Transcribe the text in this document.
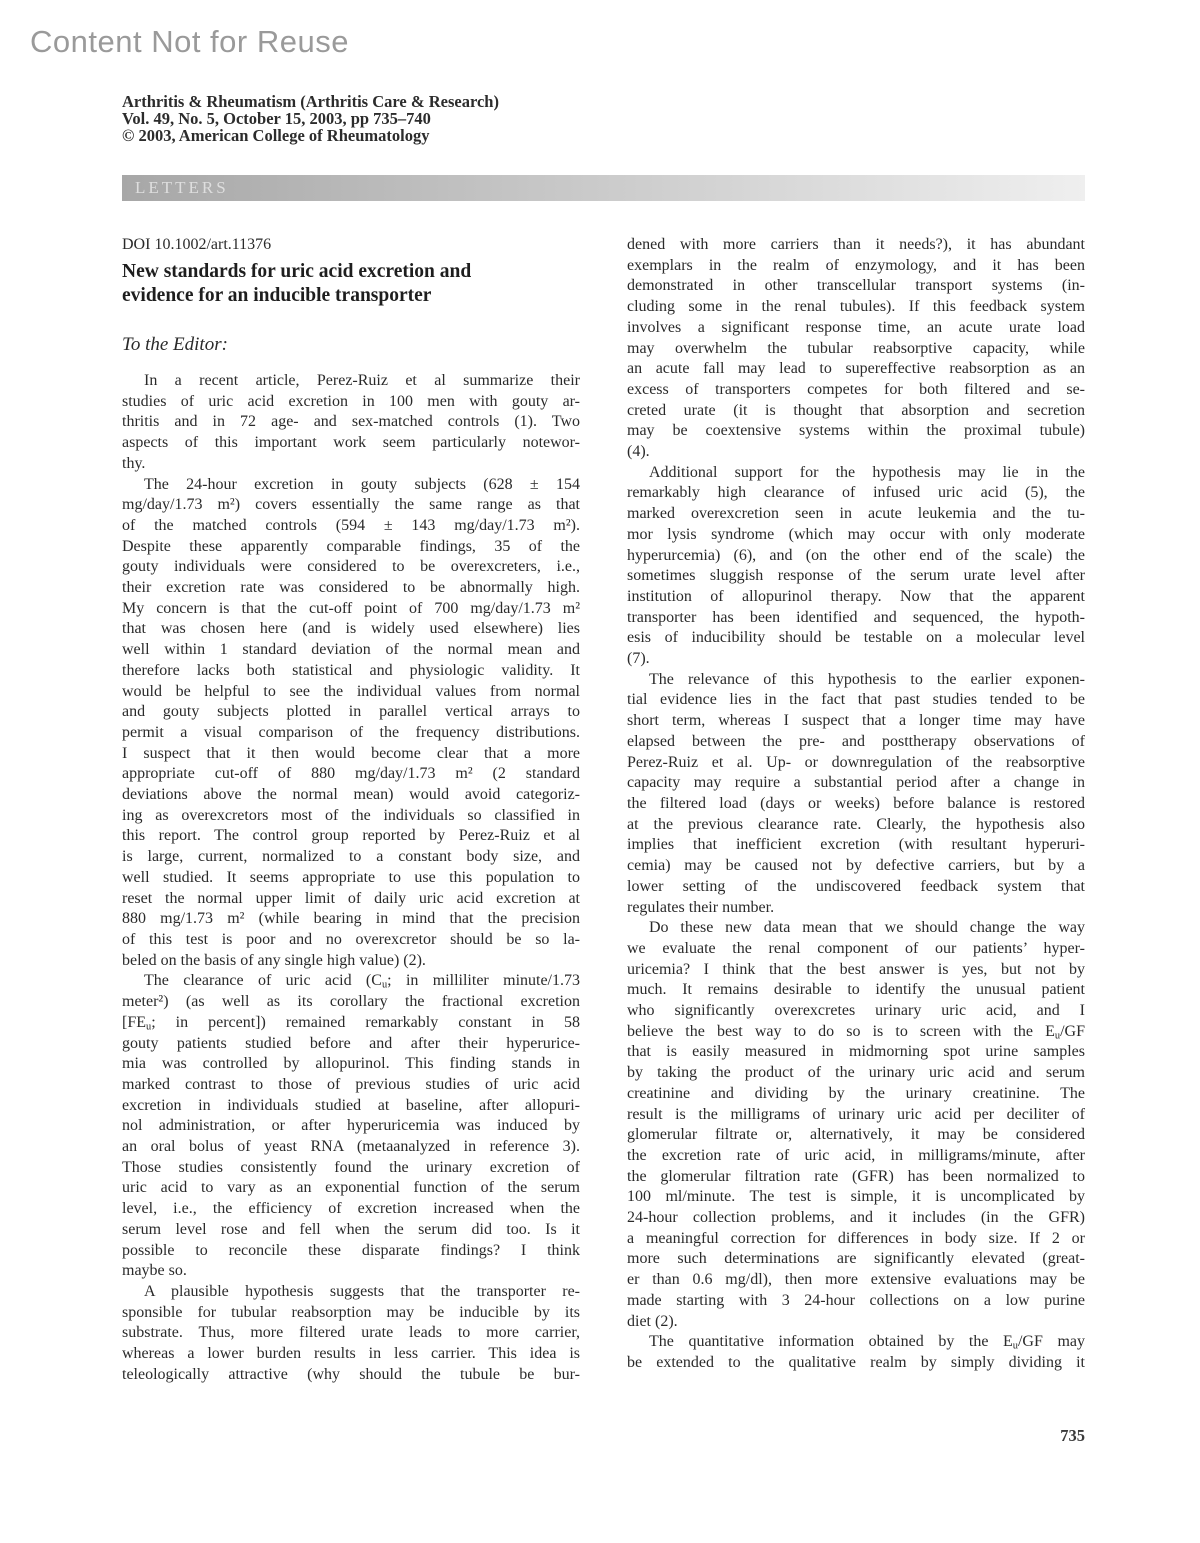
Content Not for Reuse
Arthritis & Rheumatism (Arthritis Care & Research)
Vol. 49, No. 5, October 15, 2003, pp 735–740
© 2003, American College of Rheumatology
LETTERS
DOI 10.1002/art.11376
New standards for uric acid excretion and
evidence for an inducible transporter
To the Editor:
In a recent article, Perez-Ruiz et al summarize their
studies of uric acid excretion in 100 men with gouty ar-
thritis and in 72 age- and sex-matched controls (1). Two
aspects of this important work seem particularly notewor-
thy.
The 24-hour excretion in gouty subjects (628 ± 154
mg/day/1.73 m²) covers essentially the same range as that
of the matched controls (594 ± 143 mg/day/1.73 m²).
Despite these apparently comparable findings, 35 of the
gouty individuals were considered to be overexcreters, i.e.,
their excretion rate was considered to be abnormally high.
My concern is that the cut-off point of 700 mg/day/1.73 m²
that was chosen here (and is widely used elsewhere) lies
well within 1 standard deviation of the normal mean and
therefore lacks both statistical and physiologic validity. It
would be helpful to see the individual values from normal
and gouty subjects plotted in parallel vertical arrays to
permit a visual comparison of the frequency distributions.
I suspect that it then would become clear that a more
appropriate cut-off of 880 mg/day/1.73 m² (2 standard
deviations above the normal mean) would avoid categoriz-
ing as overexcretors most of the individuals so classified in
this report. The control group reported by Perez-Ruiz et al
is large, current, normalized to a constant body size, and
well studied. It seems appropriate to use this population to
reset the normal upper limit of daily uric acid excretion at
880 mg/1.73 m² (while bearing in mind that the precision
of this test is poor and no overexcretor should be so la-
beled on the basis of any single high value) (2).
The clearance of uric acid ($C_u$; in milliliter minute/1.73
meter²) (as well as its corollary the fractional excretion
[$FE_u$; in percent]) remained remarkably constant in 58
gouty patients studied before and after their hyperurice-
mia was controlled by allopurinol. This finding stands in
marked contrast to those of previous studies of uric acid
excretion in individuals studied at baseline, after allopuri-
nol administration, or after hyperuricemia was induced by
an oral bolus of yeast RNA (metaanalyzed in reference 3).
Those studies consistently found the urinary excretion of
uric acid to vary as an exponential function of the serum
level, i.e., the efficiency of excretion increased when the
serum level rose and fell when the serum did too. Is it
possible to reconcile these disparate findings? I think
maybe so.
A plausible hypothesis suggests that the transporter re-
sponsible for tubular reabsorption may be inducible by its
substrate. Thus, more filtered urate leads to more carrier,
whereas a lower burden results in less carrier. This idea is
teleologically attractive (why should the tubule be bur-
dened with more carriers than it needs?), it has abundant
exemplars in the realm of enzymology, and it has been
demonstrated in other transcellular transport systems (in-
cluding some in the renal tubules). If this feedback system
involves a significant response time, an acute urate load
may overwhelm the tubular reabsorptive capacity, while
an acute fall may lead to supereffective reabsorption as an
excess of transporters competes for both filtered and se-
creted urate (it is thought that absorption and secretion
may be coextensive systems within the proximal tubule)
(4).
Additional support for the hypothesis may lie in the
remarkably high clearance of infused uric acid (5), the
marked overexcretion seen in acute leukemia and the tu-
mor lysis syndrome (which may occur with only moderate
hyperurcemia) (6), and (on the other end of the scale) the
sometimes sluggish response of the serum urate level after
institution of allopurinol therapy. Now that the apparent
transporter has been identified and sequenced, the hypoth-
esis of inducibility should be testable on a molecular level
(7).
The relevance of this hypothesis to the earlier exponen-
tial evidence lies in the fact that past studies tended to be
short term, whereas I suspect that a longer time may have
elapsed between the pre- and posttherapy observations of
Perez-Ruiz et al. Up- or downregulation of the reabsorptive
capacity may require a substantial period after a change in
the filtered load (days or weeks) before balance is restored
at the previous clearance rate. Clearly, the hypothesis also
implies that inefficient excretion (with resultant hyperuri-
cemia) may be caused not by defective carriers, but by a
lower setting of the undiscovered feedback system that
regulates their number.
Do these new data mean that we should change the way
we evaluate the renal component of our patients’ hyper-
uricemia? I think that the best answer is yes, but not by
much. It remains desirable to identify the unusual patient
who significantly overexcretes urinary uric acid, and I
believe the best way to do so is to screen with the $E_u/GF$
that is easily measured in midmorning spot urine samples
by taking the product of the urinary uric acid and serum
creatinine and dividing by the urinary creatinine. The
result is the milligrams of urinary uric acid per deciliter of
glomerular filtrate or, alternatively, it may be considered
the excretion rate of uric acid, in milligrams/minute, after
the glomerular filtration rate (GFR) has been normalized to
100 ml/minute. The test is simple, it is uncomplicated by
24-hour collection problems, and it includes (in the GFR)
a meaningful correction for differences in body size. If 2 or
more such determinations are significantly elevated (great-
er than 0.6 mg/dl), then more extensive evaluations may be
made starting with 3 24-hour collections on a low purine
diet (2).
The quantitative information obtained by the $E_u/GF$ may
be extended to the qualitative realm by simply dividing it
735
